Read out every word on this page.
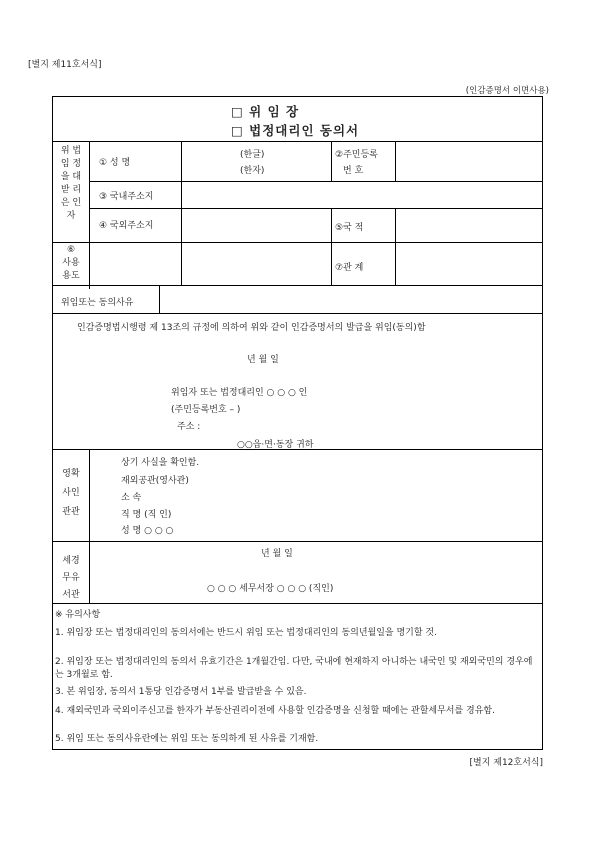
[별지 제11호서식]
(인감증명서 이면사용)
□ 위 임 장
□ 법정대리인 동의서
위 법
임 정
을 대
받 리
은 인
자
① 성 명
(한글)
(한자)
②주민등록
번 호
③ 국내주소지
④ 국외주소지	⑤국 적
⑥
사용
용도
⑦관 계
위임또는 동의사유
인감증명법시행령 제 13조의 규정에 의하여 위와 같이 인감증명서의 발급을 위임(동의)함
년 월 일
위임자 또는 법정대리인 ○ ○ ○ 인
(주민등록번호 – )
주소 :
○○읍·면·동장 귀하
영확
사인
관관
상기 사실을 확인함.
재외공관(영사관)
소 속
직 명 (직 인)
성 명 ○ ○ ○
세경
무유
서관
년 월 일
○ ○ ○ 세무서장 ○ ○ ○ (직인)
※ 유의사항
1. 위임장 또는 법정대리인의 동의서에는 반드시 위임 또는 법정대리인의 동의년월일을 명기할 것.
2. 위임장 또는 법정대리인의 동의서 유효기간은 1개월간임. 다만, 국내에 현재하지 아니하는 내국인 및 재외국민의 경우에는 3개월로 함.
3. 본 위임장, 동의서 1통당 인감증명서 1부를 발급받을 수 있음.
4. 재외국민과 국외이주신고를 한자가 부동산권리이전에 사용할 인감증명을 신청할 때에는 관할세무서를 경유함.
5. 위임 또는 동의사유란에는 위임 또는 동의하게 된 사유를 기재함.
[별지 제12호서식]
